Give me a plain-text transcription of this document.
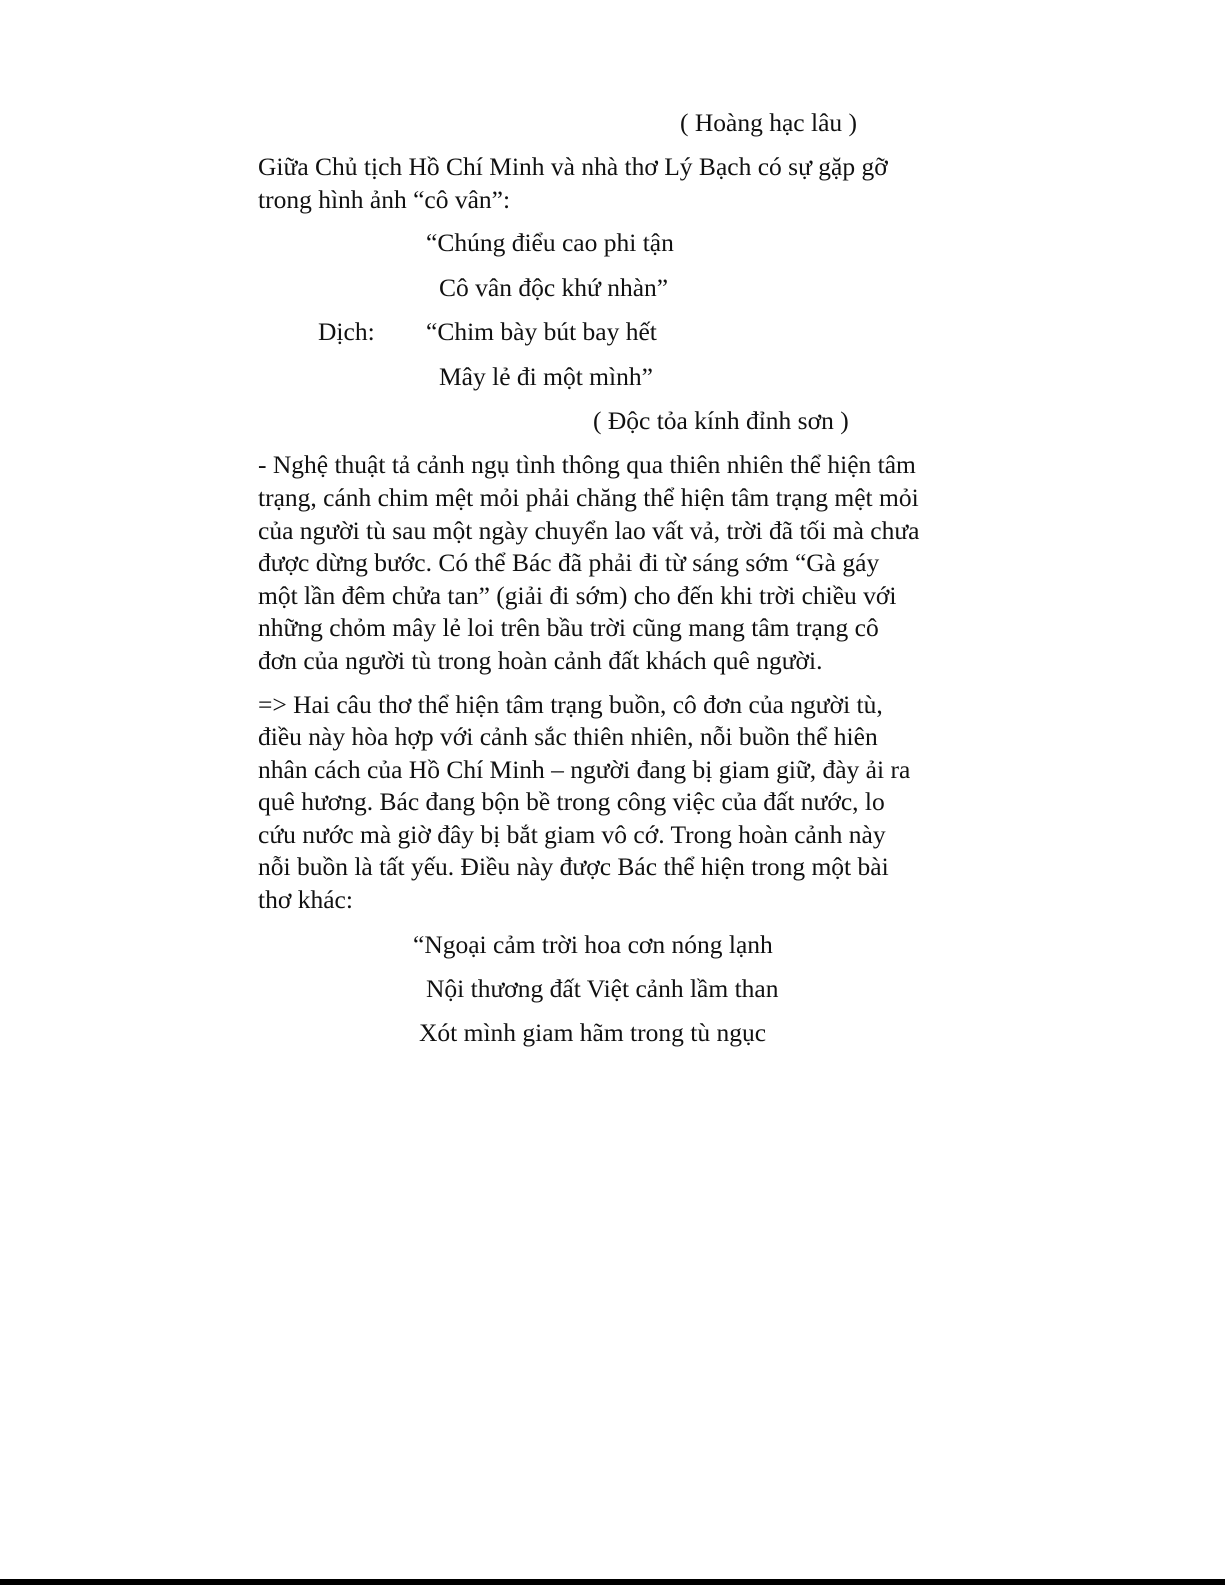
( Hoàng hạc lâu )
Giữa Chủ tịch Hồ Chí Minh và nhà thơ Lý Bạch có sự gặp gỡ
trong hình ảnh “cô vân”:
“Chúng điểu cao phi tận
Cô vân độc khứ nhàn”
Dịch: “Chim bày bút bay hết
Mây lẻ đi một mình”
( Độc tỏa kính đỉnh sơn )
- Nghệ thuật tả cảnh ngụ tình thông qua thiên nhiên thể hiện tâm
trạng, cánh chim mệt mỏi phải chăng thể hiện tâm trạng mệt mỏi
của người tù sau một ngày chuyển lao vất vả, trời đã tối mà chưa
được dừng bước. Có thể Bác đã phải đi từ sáng sớm “Gà gáy
một lần đêm chửa tan” (giải đi sớm) cho đến khi trời chiều với
những chỏm mây lẻ loi trên bầu trời cũng mang tâm trạng cô
đơn của người tù trong hoàn cảnh đất khách quê người.
=> Hai câu thơ thể hiện tâm trạng buồn, cô đơn của người tù,
điều này hòa hợp với cảnh sắc thiên nhiên, nỗi buồn thể hiên
nhân cách của Hồ Chí Minh – người đang bị giam giữ, đày ải ra
quê hương. Bác đang bộn bề trong công việc của đất nước, lo
cứu nước mà giờ đây bị bắt giam vô cớ. Trong hoàn cảnh này
nỗi buồn là tất yếu. Điều này được Bác thể hiện trong một bài
thơ khác:
“Ngoại cảm trời hoa cơn nóng lạnh
Nội thương đất Việt cảnh lầm than
Xót mình giam hãm trong tù ngục
